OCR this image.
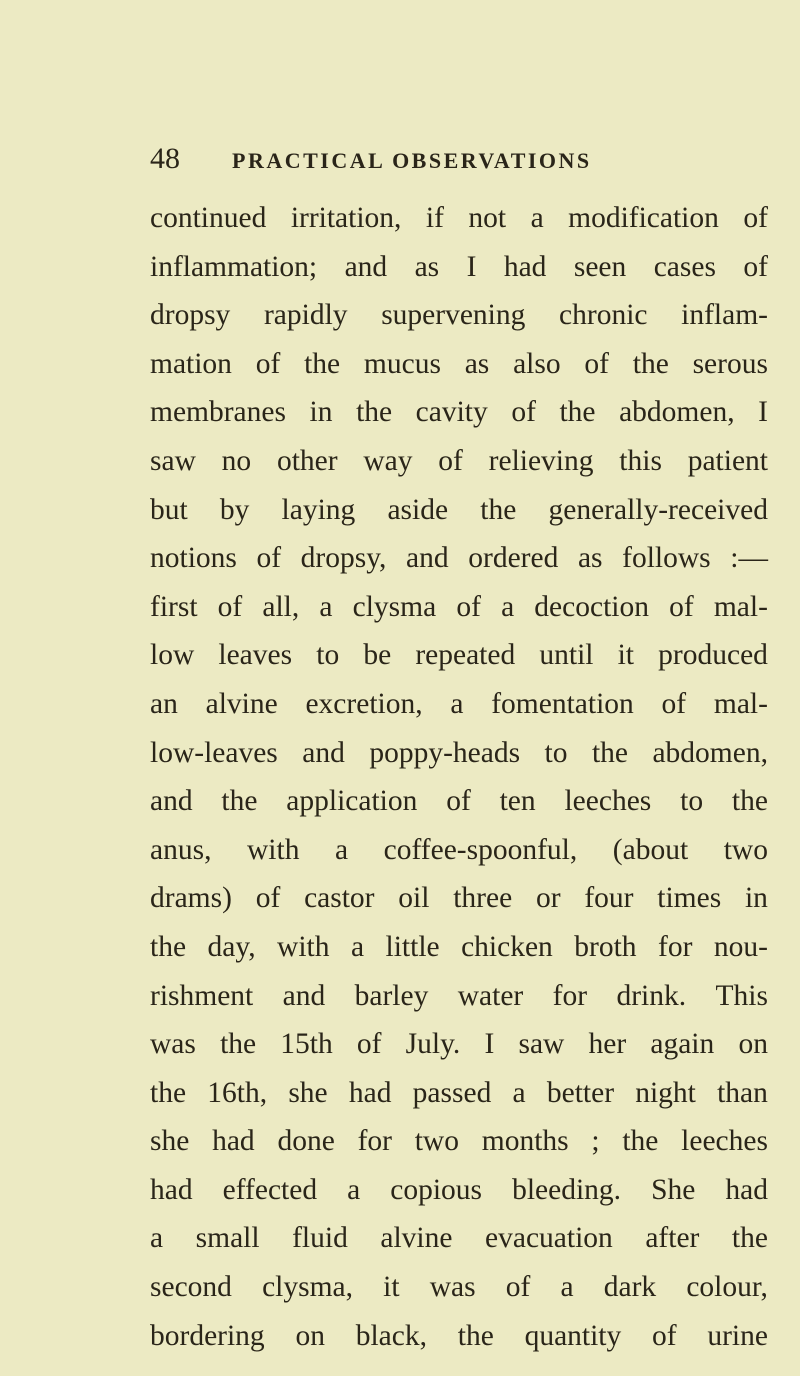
48 PRACTICAL OBSERVATIONS
continued irritation, if not a modification of
inflammation; and as I had seen cases of
dropsy rapidly supervening chronic inflam-
mation of the mucus as also of the serous
membranes in the cavity of the abdomen, I
saw no other way of relieving this patient
but by laying aside the generally-received
notions of dropsy, and ordered as follows :—
first of all, a clysma of a decoction of mal-
low leaves to be repeated until it produced
an alvine excretion, a fomentation of mal-
low-leaves and poppy-heads to the abdomen,
and the application of ten leeches to the
anus, with a coffee-spoonful, (about two
drams) of castor oil three or four times in
the day, with a little chicken broth for nou-
rishment and barley water for drink. This
was the 15th of July. I saw her again on
the 16th, she had passed a better night than
she had done for two months ; the leeches
had effected a copious bleeding. She had
a small fluid alvine evacuation after the
second clysma, it was of a dark colour,
bordering on black, the quantity of urine
